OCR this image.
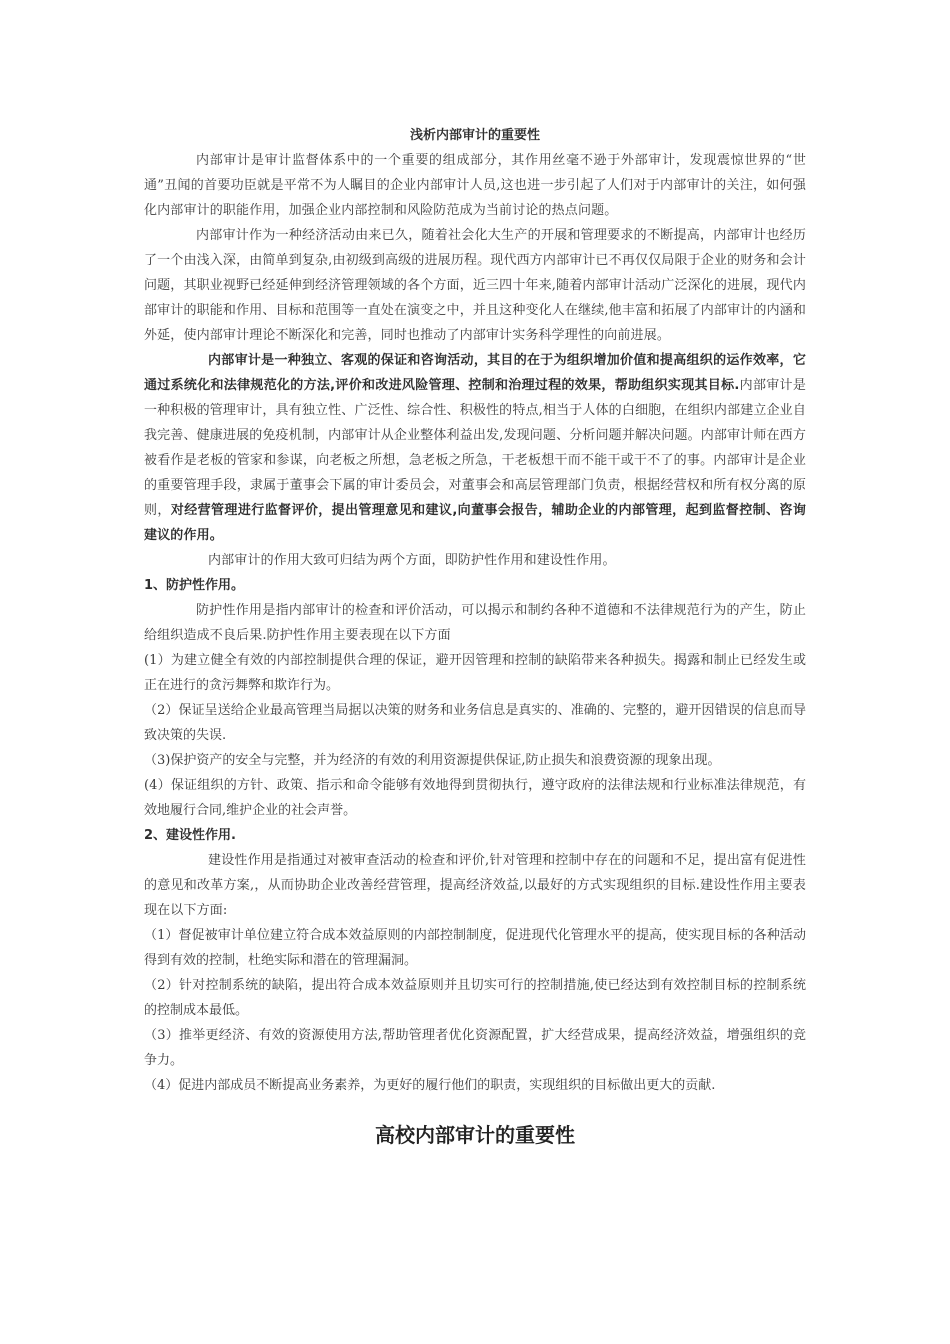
浅析内部审计的重要性

内部审计是审计监督体系中的一个重要的组成部分，其作用丝毫不逊于外部审计，发现震惊世界的“世通”丑闻的首要功臣就是平常不为人瞩目的企业内部审计人员,这也进一步引起了人们对于内部审计的关注，如何强化内部审计的职能作用，加强企业内部控制和风险防范成为当前讨论的热点问题。

内部审计作为一种经济活动由来已久，随着社会化大生产的开展和管理要求的不断提高，内部审计也经历了一个由浅入深，由简单到复杂,由初级到高级的进展历程。现代西方内部审计已不再仅仅局限于企业的财务和会计问题，其职业视野已经延伸到经济管理领域的各个方面，近三四十年来,随着内部审计活动广泛深化的进展，现代内部审计的职能和作用、目标和范围等一直处在演变之中，并且这种变化人在继续,他丰富和拓展了内部审计的内涵和外延，使内部审计理论不断深化和完善，同时也推动了内部审计实务科学理性的向前进展。

内部审计是一种独立、客观的保证和咨询活动，其目的在于为组织增加价值和提高组织的运作效率，它通过系统化和法律规范化的方法,评价和改进风险管理、控制和治理过程的效果，帮助组织实现其目标.内部审计是一种积极的管理审计，具有独立性、广泛性、综合性、积极性的特点,相当于人体的白细胞，在组织内部建立企业自我完善、健康进展的免疫机制，内部审计从企业整体利益出发,发现问题、分析问题并解决问题。内部审计师在西方被看作是老板的管家和参谋，向老板之所想，急老板之所急，干老板想干而不能干或干不了的事。内部审计是企业的重要管理手段，隶属于董事会下属的审计委员会，对董事会和高层管理部门负责，根据经营权和所有权分离的原则，对经营管理进行监督评价，提出管理意见和建议,向董事会报告，辅助企业的内部管理，起到监督控制、咨询建议的作用。

内部审计的作用大致可归结为两个方面，即防护性作用和建设性作用。

1、防护性作用。

防护性作用是指内部审计的检查和评价活动，可以揭示和制约各种不道德和不法律规范行为的产生，防止给组织造成不良后果.防护性作用主要表现在以下方面

(1）为建立健全有效的内部控制提供合理的保证，避开因管理和控制的缺陷带来各种损失。揭露和制止已经发生或正在进行的贪污舞弊和欺诈行为。

（2）保证呈送给企业最高管理当局据以决策的财务和业务信息是真实的、准确的、完整的，避开因错误的信息而导致决策的失误.

（3)保护资产的安全与完整，并为经济的有效的利用资源提供保证,防止损失和浪费资源的现象出现。

(4）保证组织的方针、政策、指示和命令能够有效地得到贯彻执行，遵守政府的法律法规和行业标准法律规范，有效地履行合同,维护企业的社会声誉。

2、建设性作用.

建设性作用是指通过对被审查活动的检查和评价,针对管理和控制中存在的问题和不足，提出富有促进性的意见和改革方案,，从而协助企业改善经营管理，提高经济效益,以最好的方式实现组织的目标.建设性作用主要表现在以下方面:

（1）督促被审计单位建立符合成本效益原则的内部控制制度，促进现代化管理水平的提高，使实现目标的各种活动得到有效的控制，杜绝实际和潜在的管理漏洞。

（2）针对控制系统的缺陷，提出符合成本效益原则并且切实可行的控制措施,使已经达到有效控制目标的控制系统的控制成本最低。

（3）推举更经济、有效的资源使用方法,帮助管理者优化资源配置，扩大经营成果，提高经济效益，增强组织的竞争力。

（4）促进内部成员不断提高业务素养，为更好的履行他们的职责，实现组织的目标做出更大的贡献.

高校内部审计的重要性
